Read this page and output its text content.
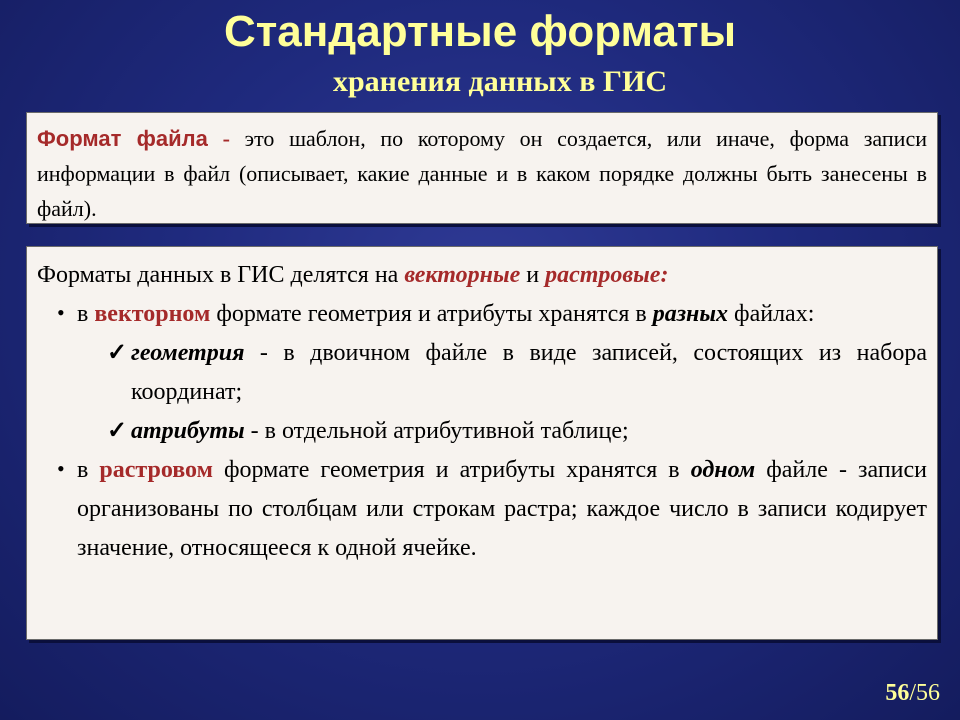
Стандартные форматы
хранения данных в ГИС

Формат файла - это шаблон, по которому он создается, или иначе, форма записи информации в файл (описывает, какие данные и в каком порядке должны быть занесены в файл).

Форматы данных в ГИС делятся на векторные и растровые:

• в векторном формате геометрия и атрибуты хранятся в разных файлах:

✓ геометрия - в двоичном файле в виде записей, состоящих из набора координат;

✓ атрибуты - в отдельной атрибутивной таблице;

• в растровом формате геометрия и атрибуты хранятся в одном файле - записи организованы по столбцам или строкам растра; каждое число в записи кодирует значение, относящееся к одной ячейке.

56/56
